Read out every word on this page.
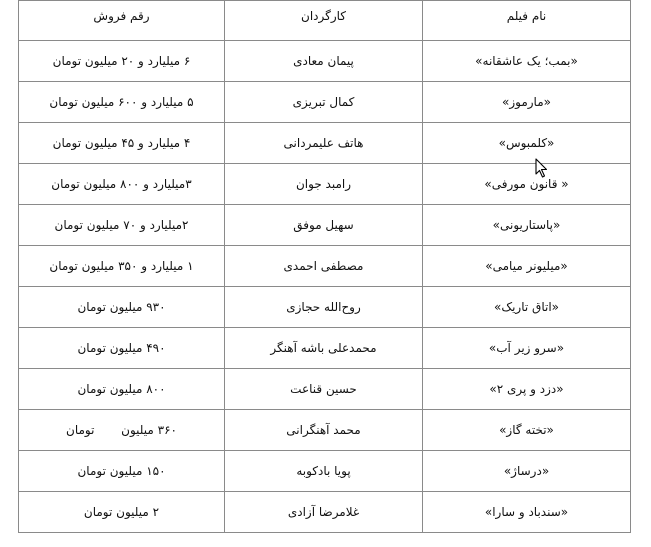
نام فیلم	کارگردان	رقم فروش
«بمب؛ یک عاشقانه»	پیمان معادی	۶ میلیارد و ۲۰ میلیون تومان
«مارموز»	کمال تبریزی	۵ میلیارد و ۶۰۰ میلیون تومان
«کلمبوس»	هاتف علیمردانی	۴ میلیارد و ۴۵ میلیون تومان
« قانون مورفی»	رامبد جوان	۳میلیارد و ۸۰۰ میلیون تومان
«پاستاریونی»	سهیل موفق	۲میلیارد و ۷۰ میلیون تومان
«میلیونر میامی»	مصطفی احمدی	۱ میلیارد و ۳۵۰ میلیون تومان
«اتاق تاریک»	روح‌الله حجازی	۹۳۰ میلیون تومان
«سرو زیر آب»	محمدعلی باشه آهنگر	۴۹۰ میلیون تومان
«دزد و پری ۲»	حسین قناعت	۸۰۰ میلیون تومان
«تخته گاز»	محمد آهنگرانی	۳۶۰ میلیون       تومان
«درساژ»	پویا بادکوبه	۱۵۰ میلیون تومان
«سندباد و سارا»	غلامرضا آزادی	۲ میلیون تومان
